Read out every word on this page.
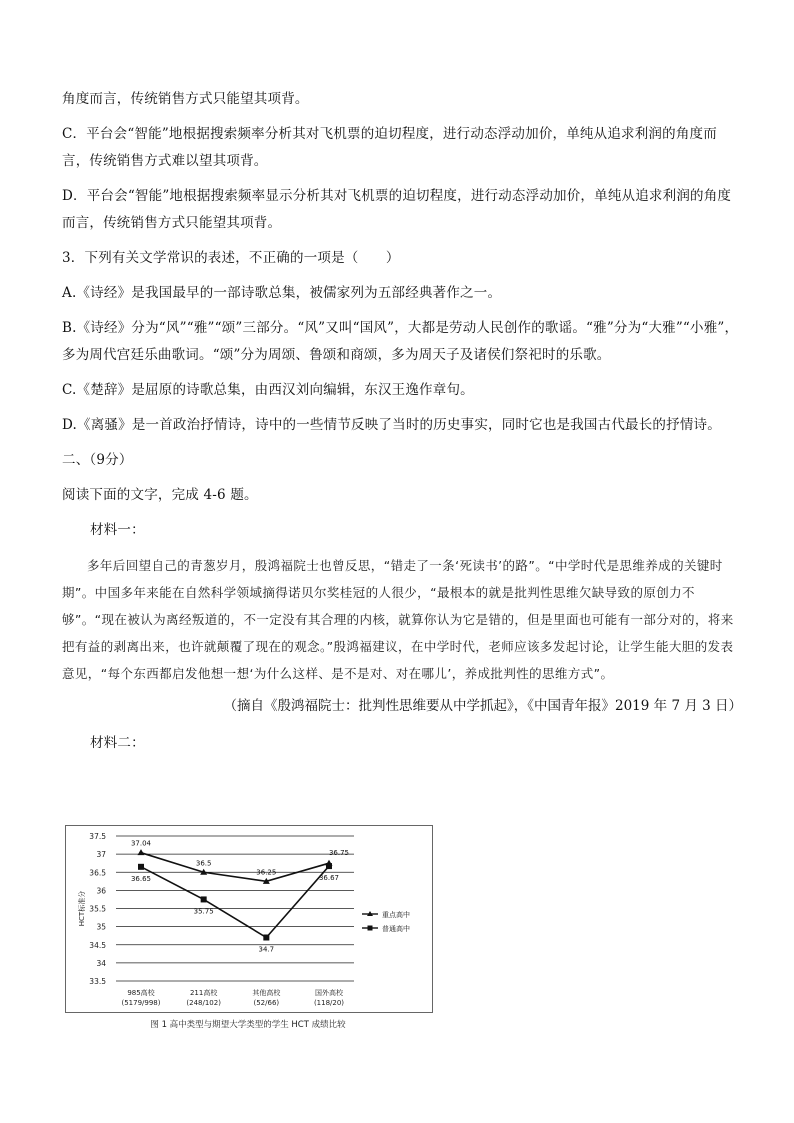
角度而言，传统销售方式只能望其项背。

C．平台会“智能”地根据搜索频率分析其对飞机票的迫切程度，进行动态浮动加价，单纯从追求利润的角度而言，传统销售方式难以望其项背。

D．平台会“智能”地根据搜索频率显示分析其对飞机票的迫切程度，进行动态浮动加价，单纯从追求利润的角度而言，传统销售方式只能望其项背。

3．下列有关文学常识的表述，不正确的一项是（　　）

A.《诗经》是我国最早的一部诗歌总集，被儒家列为五部经典著作之一。

B.《诗经》分为“风”“雅”“颂”三部分。“风”又叫“国风”，大都是劳动人民创作的歌谣。“雅”分为“大雅”“小雅”，多为周代宫廷乐曲歌词。“颂”分为周颂、鲁颂和商颂，多为周天子及诸侯们祭祀时的乐歌。

C.《楚辞》是屈原的诗歌总集，由西汉刘向编辑，东汉王逸作章句。

D.《离骚》是一首政治抒情诗，诗中的一些情节反映了当时的历史事实，同时它也是我国古代最长的抒情诗。

二、（9分）

阅读下面的文字，完成 4-6 题。

材料一：

多年后回望自己的青葱岁月，殷鸿福院士也曾反思，“错走了一条‘死读书’的路”。“中学时代是思维养成的关键时期”。中国多年来能在自然科学领域摘得诺贝尔奖桂冠的人很少，“最根本的就是批判性思维欠缺导致的原创力不够”。“现在被认为离经叛道的，不一定没有其合理的内核，就算你认为它是错的，但是里面也可能有一部分对的，将来把有益的剥离出来，也许就颠覆了现在的观念。”殷鸿福建议，在中学时代，老师应该多发起讨论，让学生能大胆的发表意见，“每个东西都启发他想一想‘为什么这样、是不是对、对在哪儿’，养成批判性的思维方式”。

（摘自《殷鸿福院士：批判性思维要从中学抓起》，《中国青年报》2019 年 7 月 3 日）

材料二：

37.5
37
36.5
36
35.5
35
34.5
34
33.5
HCT标准分
985高校
(5179/998)
211高校
(248/102)
其他高校
(52/66)
国外高校
(118/20)
37.04
36.5
36.25
36.75
36.65
35.75
34.7
36.67
重点高中
普通高中
图 1 高中类型与期望大学类型的学生 HCT 成绩比较
